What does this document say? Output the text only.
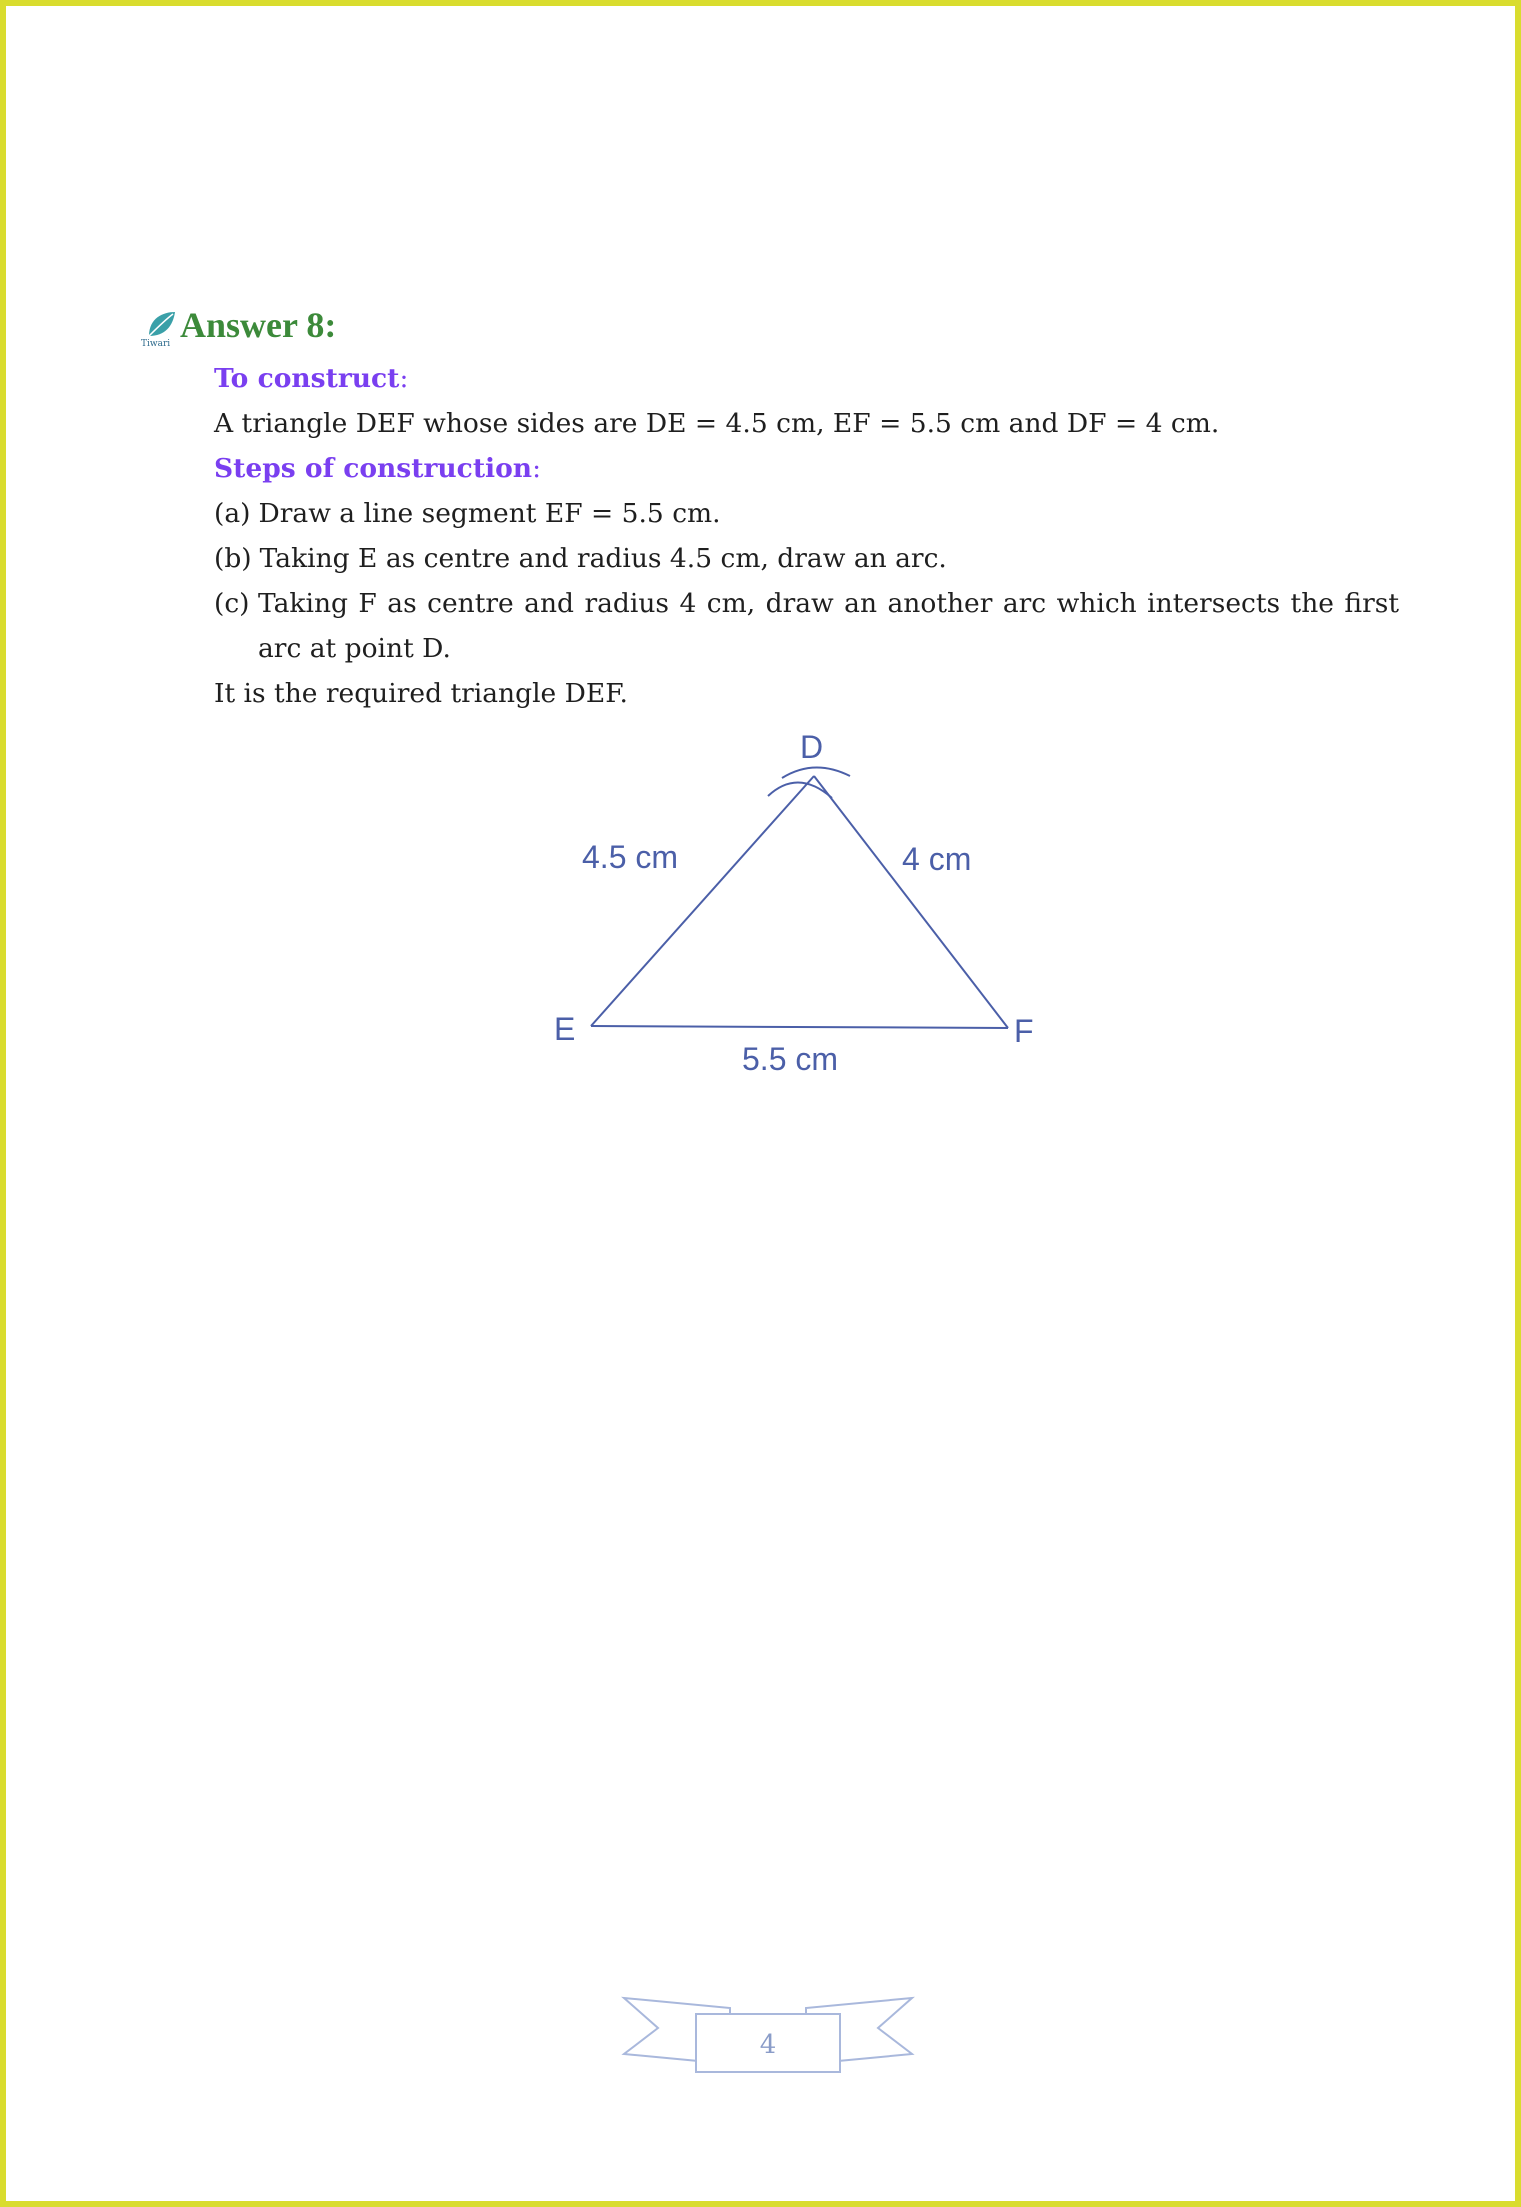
Tiwari Answer 8:
To construct:
A triangle DEF whose sides are DE = 4.5 cm, EF = 5.5 cm and DF = 4 cm.
Steps of construction:
(a) Draw a line segment EF = 5.5 cm.
(b) Taking E as centre and radius 4.5 cm, draw an arc.
(c) Taking F as centre and radius 4 cm, draw an another arc which intersects the first arc at point D.
It is the required triangle DEF.
D
E	F
4.5 cm	4 cm
5.5 cm
4
